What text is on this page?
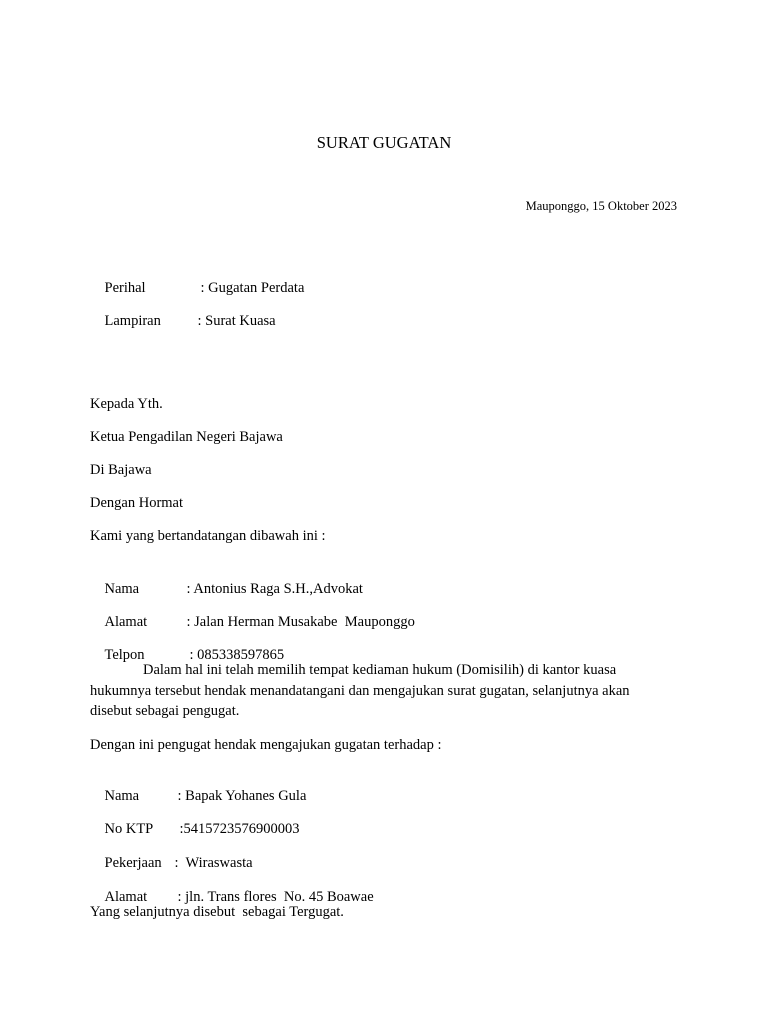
SURAT GUGATAN
Mauponggo, 15 Oktober 2023

Perihal	: Gugatan Perdata

Lampiran	: Surat Kuasa

Kepada Yth.
Ketua Pengadilan Negeri Bajawa
Di Bajawa
Dengan Hormat
Kami yang bertandatangan dibawah ini :

Nama	: Antonius Raga S.H.,Advokat

Alamat	: Jalan Herman Musakabe  Mauponggo

Telpon	: 085338597865

Dalam hal ini telah memilih tempat kediaman hukum (Domisilih) di kantor kuasa
hukumnya tersebut hendak menandatangani dan mengajukan surat gugatan, selanjutnya akan
disebut sebagai pengugat.
Dengan ini pengugat hendak mengajukan gugatan terhadap :

Nama	: Bapak Yohanes Gula

No KTP :5415723576900003

Pekerjaan :  Wiraswasta

Alamat : jln. Trans flores  No. 45 Boawae

Yang selanjutnya disebut  sebagai Tergugat.
